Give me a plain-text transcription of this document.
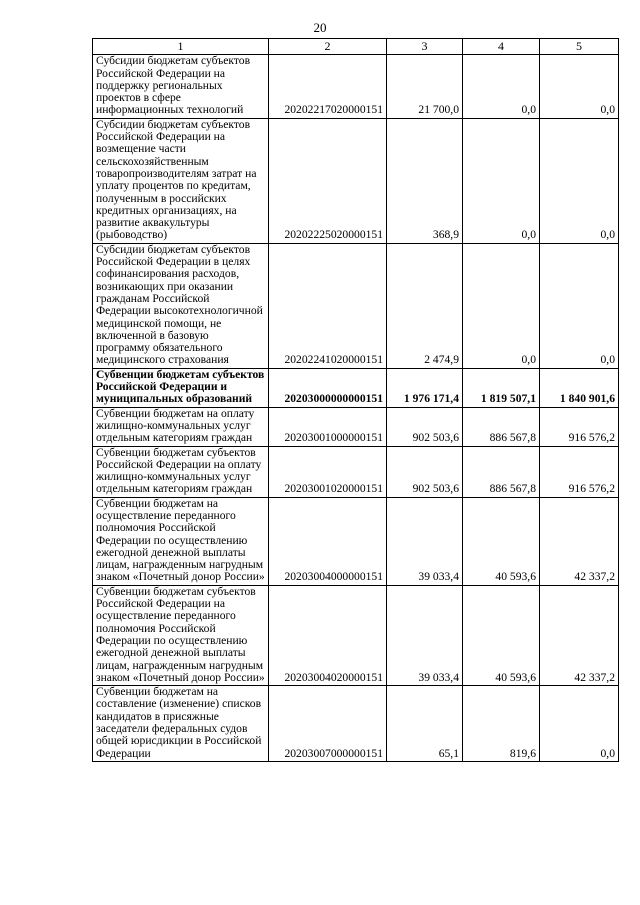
20
1	2	3	4	5
Субсидии бюджетам субъектов Российской Федерации на поддержку региональных проектов в сфере информационных технологий	20202217020000151	21 700,0	0,0	0,0
Субсидии бюджетам субъектов Российской Федерации на возмещение части сельскохозяйственным товаропроизводителям затрат на уплату процентов по кредитам, полученным в российских кредитных организациях, на развитие аквакультуры (рыбоводство)	20202225020000151	368,9	0,0	0,0
Субсидии бюджетам субъектов Российской Федерации в целях софинансирования расходов, возникающих при оказании гражданам Российской Федерации высокотехнологичной медицинской помощи, не включенной в базовую программу обязательного медицинского страхования	20202241020000151	2 474,9	0,0	0,0
Субвенции бюджетам субъектов Российской Федерации и муниципальных образований	20203000000000151	1 976 171,4	1 819 507,1	1 840 901,6
Субвенции бюджетам на оплату жилищно-коммунальных услуг отдельным категориям граждан	20203001000000151	902 503,6	886 567,8	916 576,2
Субвенции бюджетам субъектов Российской Федерации на оплату жилищно-коммунальных услуг отдельным категориям граждан	20203001020000151	902 503,6	886 567,8	916 576,2
Субвенции бюджетам на осуществление переданного полномочия Российской Федерации по осуществлению ежегодной денежной выплаты лицам, награжденным нагрудным знаком «Почетный донор России»	20203004000000151	39 033,4	40 593,6	42 337,2
Субвенции бюджетам субъектов Российской Федерации на осуществление переданного полномочия Российской Федерации по осуществлению ежегодной денежной выплаты лицам, награжденным нагрудным знаком «Почетный донор России»	20203004020000151	39 033,4	40 593,6	42 337,2
Субвенции бюджетам на составление (изменение) списков кандидатов в присяжные заседатели федеральных судов общей юрисдикции в Российской Федерации	20203007000000151	65,1	819,6	0,0
